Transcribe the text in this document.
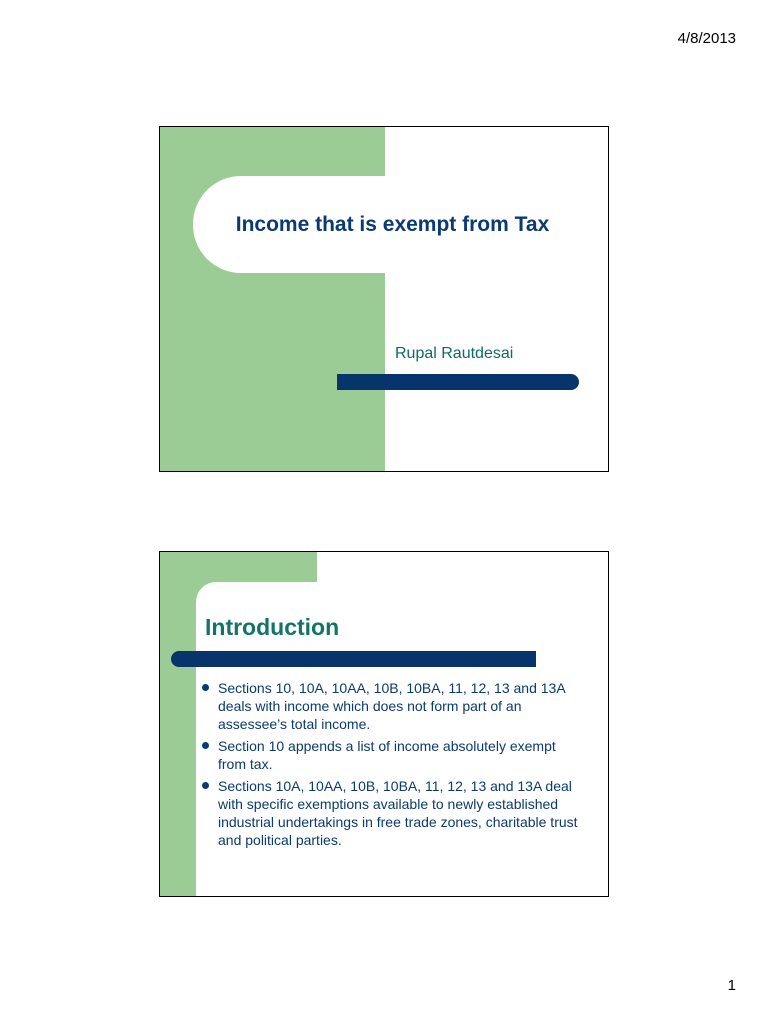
4/8/2013
Income that is exempt from Tax
Rupal Rautdesai
Introduction
Sections 10, 10A, 10AA, 10B, 10BA, 11, 12, 13 and 13A deals with income which does not form part of an assessee’s total income.
Section 10 appends a list of income absolutely exempt from tax.
Sections 10A, 10AA, 10B, 10BA, 11, 12, 13 and 13A deal with specific exemptions available to newly established industrial undertakings in free trade zones, charitable trust and political parties.
1
